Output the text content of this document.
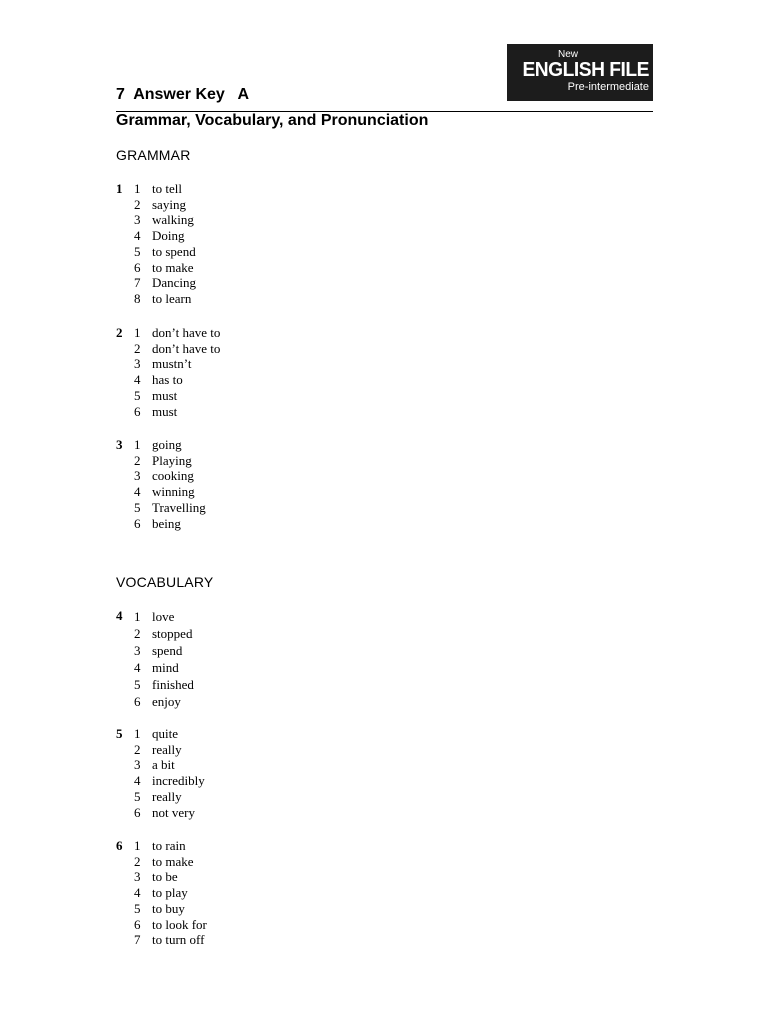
New
ENGLISH FILE
Pre-intermediate
7  Answer Key   A
Grammar, Vocabulary, and Pronunciation
GRAMMAR
1 1 to tell
2 saying
3 walking
4 Doing
5 to spend
6 to make
7 Dancing
8 to learn
2 1 don’t have to
2 don’t have to
3 mustn’t
4 has to
5 must
6 must
3 1 going
2 Playing
3 cooking
4 winning
5 Travelling
6 being
VOCABULARY
4 1 love
2 stopped
3 spend
4 mind
5 finished
6 enjoy
5 1 quite
2 really
3 a bit
4 incredibly
5 really
6 not very
6 1 to rain
2 to make
3 to be
4 to play
5 to buy
6 to look for
7 to turn off
